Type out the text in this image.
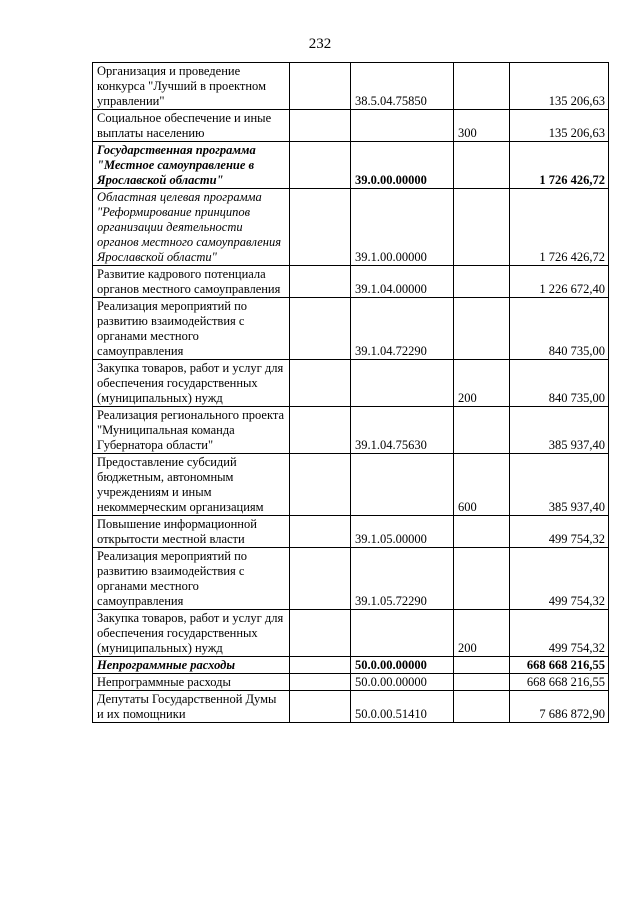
232
Организация и проведение конкурса "Лучший в проектном управлении"		38.5.04.75850		135 206,63
Социальное обеспечение и иные выплаты населению			300	135 206,63
Государственная программа "Местное самоуправление в Ярославской области"		39.0.00.00000		1 726 426,72
Областная целевая программа "Реформирование принципов организации деятельности органов местного самоуправления Ярославской области"		39.1.00.00000		1 726 426,72
Развитие кадрового потенциала органов местного самоуправления		39.1.04.00000		1 226 672,40
Реализация мероприятий по развитию взаимодействия с органами местного самоуправления		39.1.04.72290		840 735,00
Закупка товаров, работ и услуг для обеспечения государственных (муниципальных) нужд			200	840 735,00
Реализация регионального проекта "Муниципальная команда Губернатора области"		39.1.04.75630		385 937,40
Предоставление субсидий бюджетным, автономным учреждениям и иным некоммерческим организациям			600	385 937,40
Повышение информационной открытости местной власти		39.1.05.00000		499 754,32
Реализация мероприятий по развитию взаимодействия с органами местного самоуправления		39.1.05.72290		499 754,32
Закупка товаров, работ и услуг для обеспечения государственных (муниципальных) нужд			200	499 754,32
Непрограммные расходы		50.0.00.00000		668 668 216,55
Непрограммные расходы		50.0.00.00000		668 668 216,55
Депутаты Государственной Думы и их помощники		50.0.00.51410		7 686 872,90
